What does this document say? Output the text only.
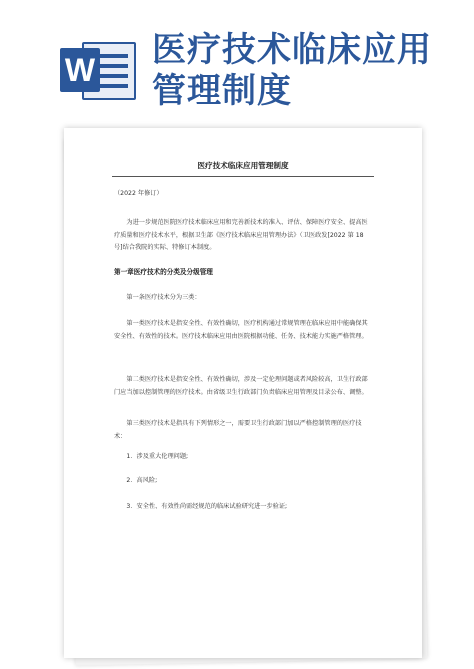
W 医疗技术临床应用管理制度
医疗技术临床应用管理制度

（2022 年修订）

为进一步规范医院医疗技术临床应用和完善新技术的准入、评估、保障医疗安全、提高医疗质量和医疗技术水平，根据卫生部《医疗技术临床应用管理办法》（卫医政发[2022 第 18 号]结合我院的实际、特修订本制度。

第一章医疗技术的分类及分级管理

第一条医疗技术分为三类：

第一类医疗技术是指安全性、有效性确切，医疗机构通过常规管理在临床应用中能确保其安全性、有效性的技术。医疗技术临床应用由医院根据功能、任务、技术能力实施严格管理。

第二类医疗技术是指安全性、有效性确切，涉及一定伦理问题或者风险较高，卫生行政部门应当加以控制管理的医疗技术。由省级卫生行政部门负责临床应用管理及目录公布、调整。

第三类医疗技术是指具有下列情形之一，需要卫生行政部门加以严格控制管理的医疗技术：

1．涉及重大伦理问题;

2．高风险;

3．安全性、有效性尚需经规范的临床试验研究进一步验证;
